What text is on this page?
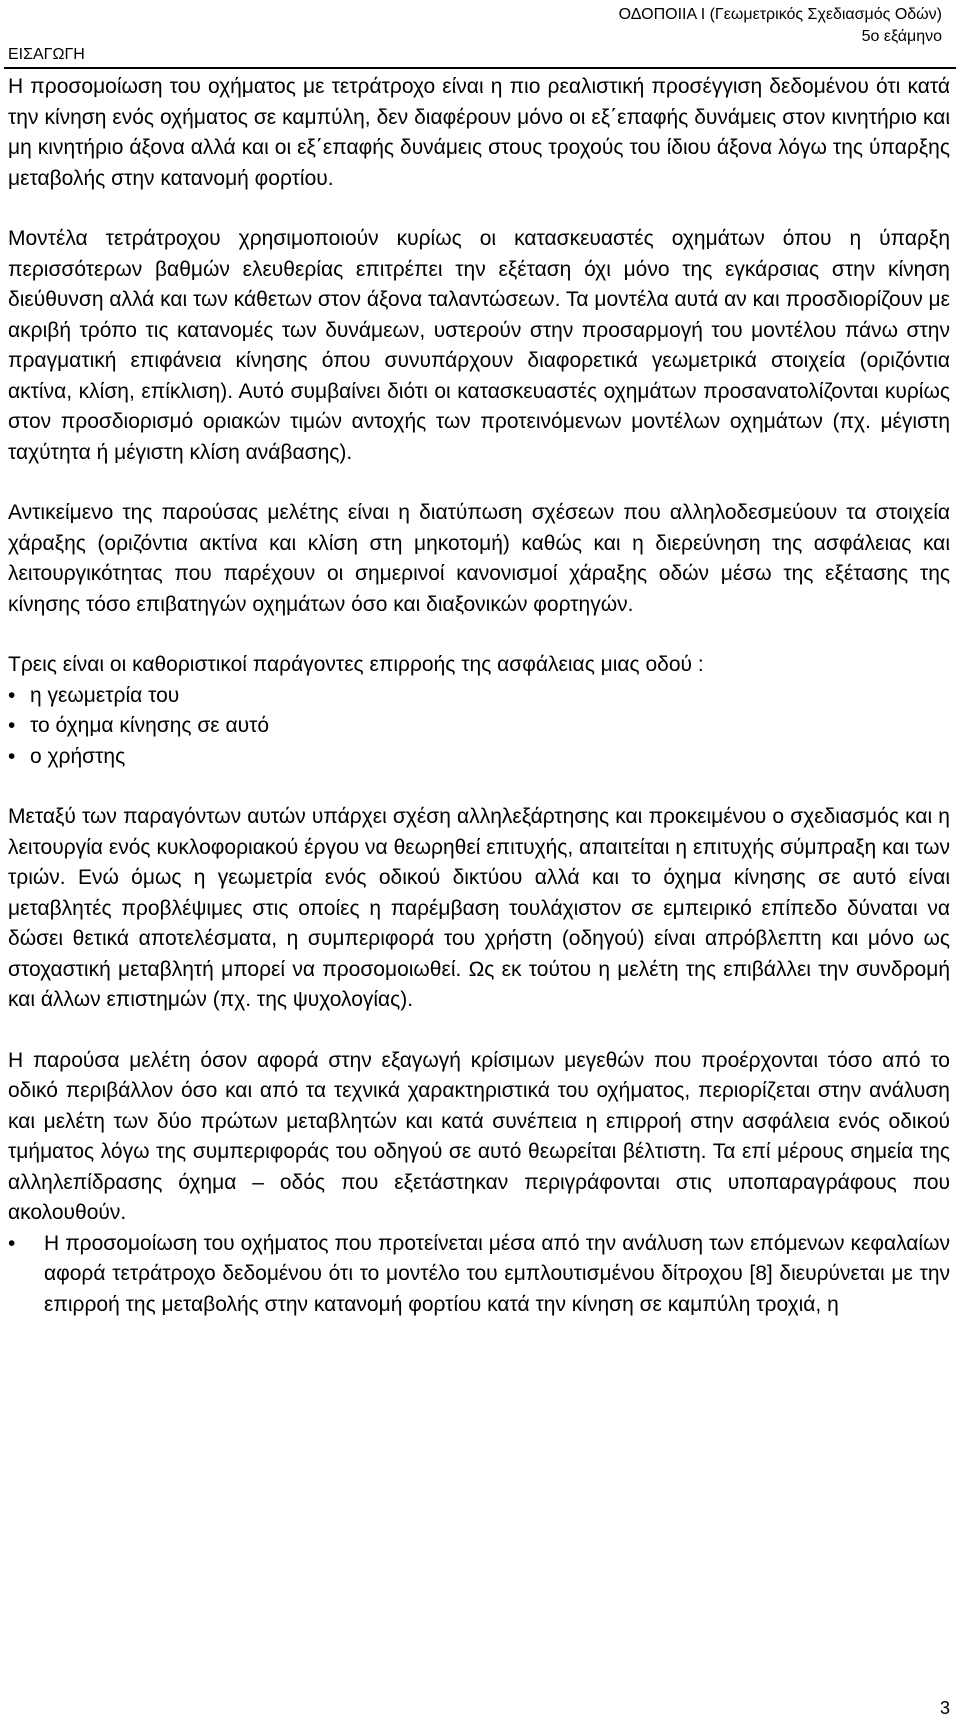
ΟΔΟΠΟΙΙΑ Ι (Γεωμετρικός Σχεδιασμός Οδών)
5ο εξάμηνο
ΕΙΣΑΓΩΓΗ

Η προσομοίωση του οχήματος με τετράτροχο είναι η πιο ρεαλιστική προσέγγιση δεδομένου ότι κατά την κίνηση ενός οχήματος σε καμπύλη, δεν διαφέρουν μόνο οι εξ΄επαφής δυνάμεις στον κινητήριο και μη κινητήριο άξονα αλλά και οι εξ΄επαφής δυνάμεις στους τροχούς του ίδιου άξονα λόγω της ύπαρξης μεταβολής στην κατανομή φορτίου.

Μοντέλα τετράτροχου χρησιμοποιούν κυρίως οι κατασκευαστές οχημάτων όπου η ύπαρξη περισσότερων βαθμών ελευθερίας επιτρέπει την εξέταση όχι μόνο της εγκάρσιας στην κίνηση διεύθυνση αλλά και των κάθετων στον άξονα ταλαντώσεων. Τα μοντέλα αυτά αν και προσδιορίζουν με ακριβή τρόπο τις κατανομές των δυνάμεων, υστερούν στην προσαρμογή του μοντέλου πάνω στην πραγματική επιφάνεια κίνησης όπου συνυπάρχουν διαφορετικά γεωμετρικά στοιχεία (οριζόντια ακτίνα, κλίση, επίκλιση). Αυτό συμβαίνει διότι οι κατασκευαστές οχημάτων προσανατολίζονται κυρίως στον προσδιορισμό οριακών τιμών αντοχής των προτεινόμενων μοντέλων οχημάτων (πχ. μέγιστη ταχύτητα ή μέγιστη κλίση ανάβασης).

Αντικείμενο της παρούσας μελέτης είναι η διατύπωση σχέσεων που αλληλοδεσμεύουν τα στοιχεία χάραξης (οριζόντια ακτίνα και κλίση στη μηκοτομή) καθώς και η διερεύνηση της ασφάλειας και λειτουργικότητας που παρέχουν οι σημερινοί κανονισμοί χάραξης οδών μέσω της εξέτασης της κίνησης τόσο επιβατηγών οχημάτων όσο και διαξονικών φορτηγών.

Τρεις είναι οι καθοριστικοί παράγοντες επιρροής της ασφάλειας μιας οδού :

• η γεωμετρία του
• το όχημα κίνησης σε αυτό
• ο χρήστης

Μεταξύ των παραγόντων αυτών υπάρχει σχέση αλληλεξάρτησης και προκειμένου ο σχεδιασμός και η λειτουργία ενός κυκλοφοριακού έργου να θεωρηθεί επιτυχής, απαιτείται η επιτυχής σύμπραξη και των τριών. Ενώ όμως η γεωμετρία ενός οδικού δικτύου αλλά και το όχημα κίνησης σε αυτό είναι μεταβλητές προβλέψιμες στις οποίες η παρέμβαση τουλάχιστον σε εμπειρικό επίπεδο δύναται να δώσει θετικά αποτελέσματα, η συμπεριφορά του χρήστη (οδηγού) είναι απρόβλεπτη και μόνο ως στοχαστική μεταβλητή μπορεί να προσομοιωθεί. Ως εκ τούτου η μελέτη της επιβάλλει την συνδρομή και άλλων επιστημών (πχ. της ψυχολογίας).

Η παρούσα μελέτη όσον αφορά στην εξαγωγή κρίσιμων μεγεθών που προέρχονται τόσο από το οδικό περιβάλλον όσο και από τα τεχνικά χαρακτηριστικά του οχήματος, περιορίζεται στην ανάλυση και μελέτη των δύο πρώτων μεταβλητών και κατά συνέπεια η επιρροή στην ασφάλεια ενός οδικού τμήματος λόγω της συμπεριφοράς του οδηγού σε αυτό θεωρείται βέλτιστη. Τα επί μέρους σημεία της αλληλεπίδρασης όχημα – οδός που εξετάστηκαν περιγράφονται στις υποπαραγράφους που ακολουθούν.

• Η προσομοίωση του οχήματος που προτείνεται μέσα από την ανάλυση των επόμενων κεφαλαίων αφορά τετράτροχο δεδομένου ότι το μοντέλο του εμπλουτισμένου δίτροχου [8] διευρύνεται με την επιρροή της μεταβολής στην κατανομή φορτίου κατά την κίνηση σε καμπύλη τροχιά, η
3
